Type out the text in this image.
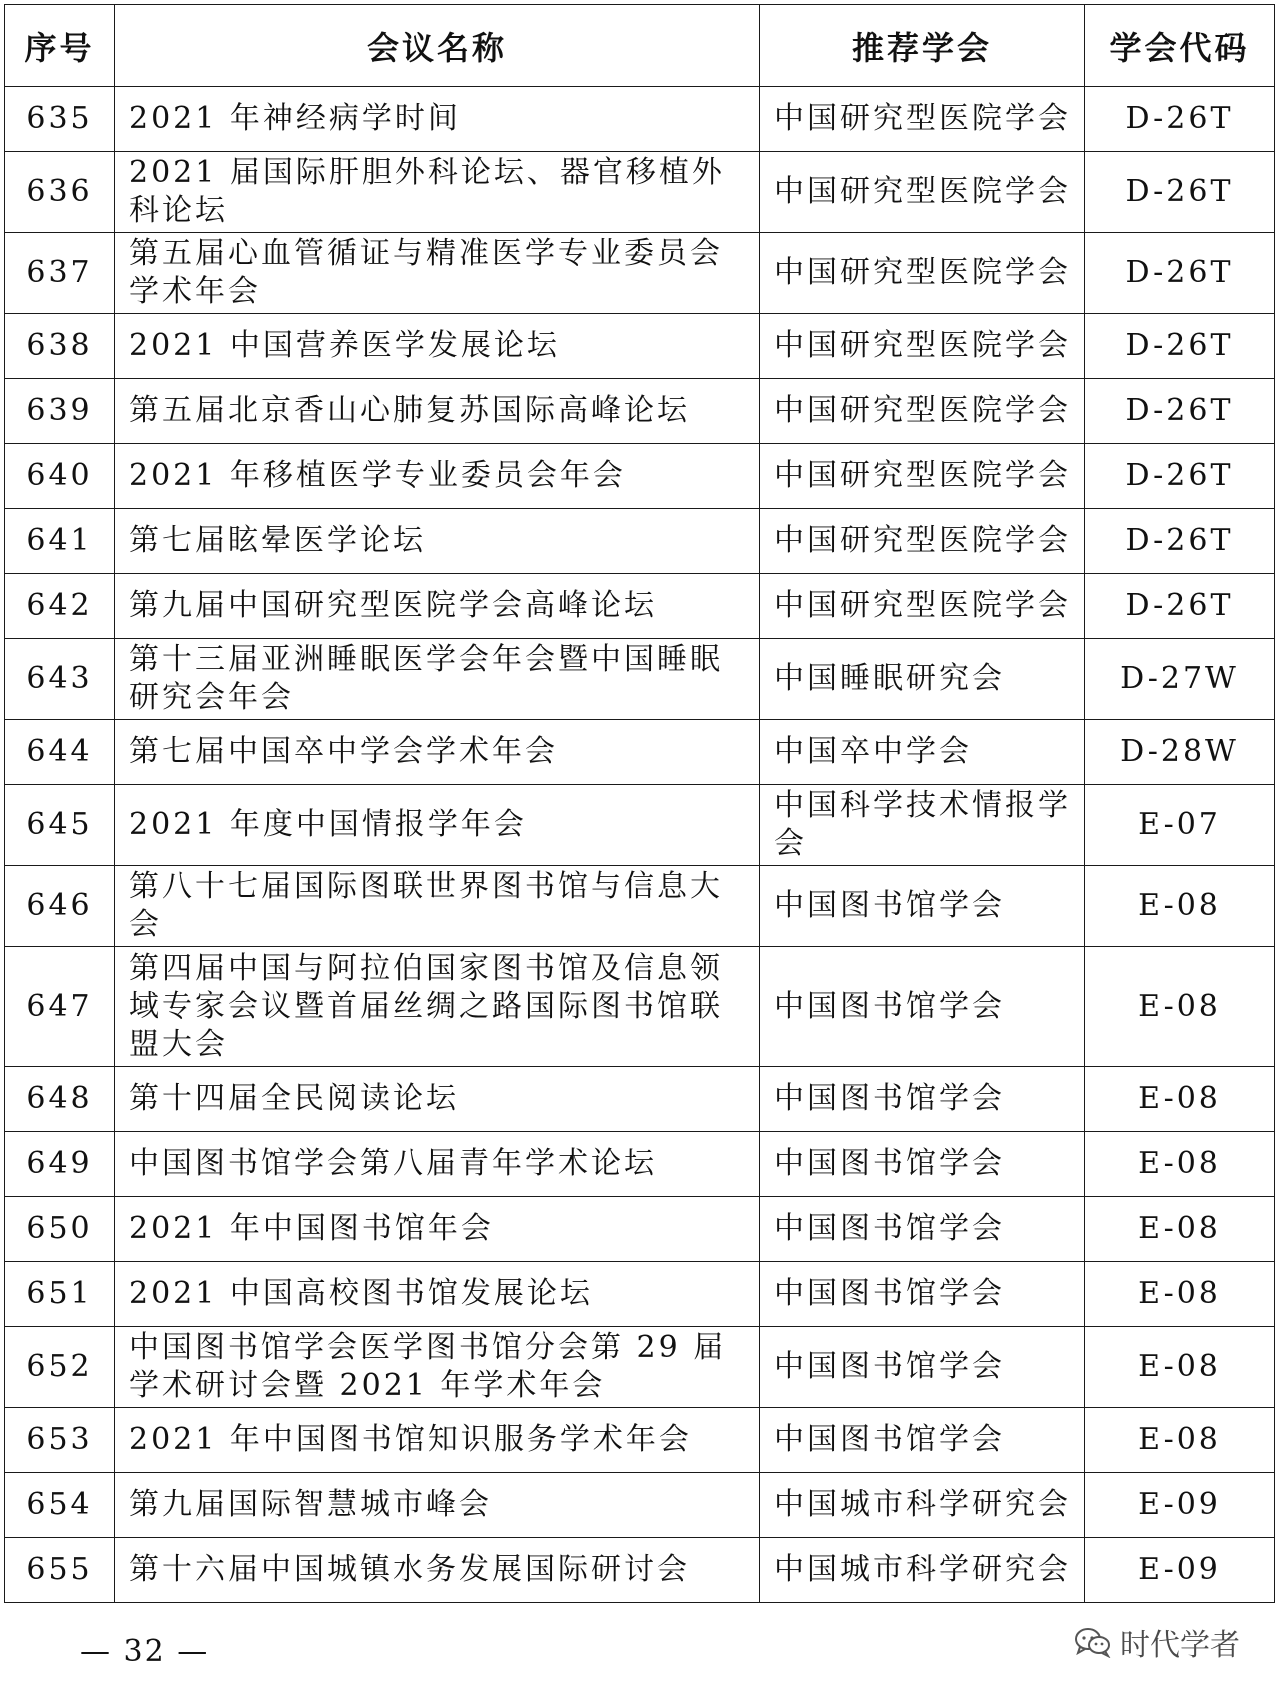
序号	会议名称	推荐学会	学会代码
635	2021 年神经病学时间	中国研究型医院学会	D-26T
636	2021 届国际肝胆外科论坛、器官移植外科论坛	中国研究型医院学会	D-26T
637	第五届心血管循证与精准医学专业委员会学术年会	中国研究型医院学会	D-26T
638	2021 中国营养医学发展论坛	中国研究型医院学会	D-26T
639	第五届北京香山心肺复苏国际高峰论坛	中国研究型医院学会	D-26T
640	2021 年移植医学专业委员会年会	中国研究型医院学会	D-26T
641	第七届眩晕医学论坛	中国研究型医院学会	D-26T
642	第九届中国研究型医院学会高峰论坛	中国研究型医院学会	D-26T
643	第十三届亚洲睡眠医学会年会暨中国睡眠研究会年会	中国睡眠研究会	D-27W
644	第七届中国卒中学会学术年会	中国卒中学会	D-28W
645	2021 年度中国情报学年会	中国科学技术情报学会	E-07
646	第八十七届国际图联世界图书馆与信息大会	中国图书馆学会	E-08
647	第四届中国与阿拉伯国家图书馆及信息领域专家会议暨首届丝绸之路国际图书馆联盟大会	中国图书馆学会	E-08
648	第十四届全民阅读论坛	中国图书馆学会	E-08
649	中国图书馆学会第八届青年学术论坛	中国图书馆学会	E-08
650	2021 年中国图书馆年会	中国图书馆学会	E-08
651	2021 中国高校图书馆发展论坛	中国图书馆学会	E-08
652	中国图书馆学会医学图书馆分会第 29 届学术研讨会暨 2021 年学术年会	中国图书馆学会	E-08
653	2021 年中国图书馆知识服务学术年会	中国图书馆学会	E-08
654	第九届国际智慧城市峰会	中国城市科学研究会	E-09
655	第十六届中国城镇水务发展国际研讨会	中国城市科学研究会	E-09
— 32 —	时代学者
